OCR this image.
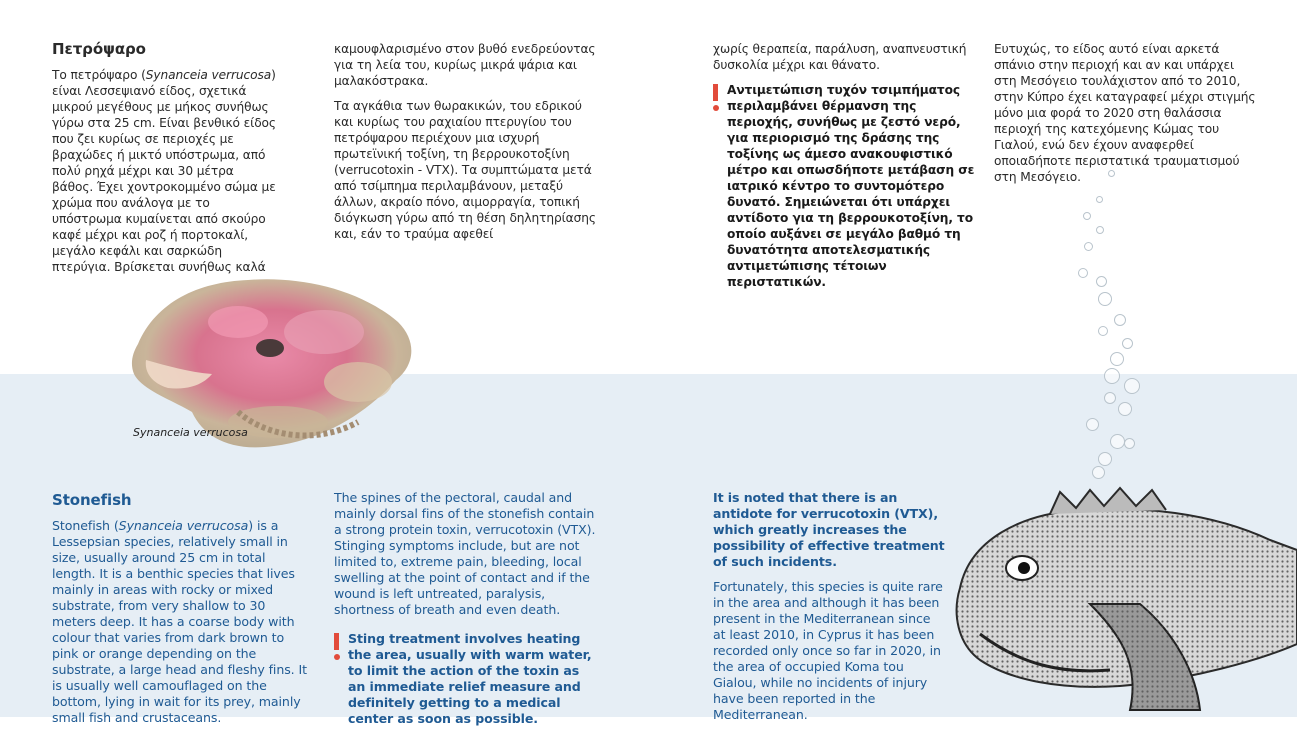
Πετρόψαρο

Το πετρόψαρο (Synanceia verrucosa) είναι Λεσσεψιανό είδος, σχετικά μικρού μεγέθους με μήκος συνήθως γύρω στα 25 cm. Είναι βενθικό είδος που ζει κυρίως σε περιοχές με βραχώδες ή μικτό υπόστρωμα, από πολύ ρηχά μέχρι και 30 μέτρα βάθος. Έχει χοντροκομμένο σώμα με χρώμα που ανάλογα με το υπόστρωμα κυμαίνεται από σκούρο καφέ μέχρι και ροζ ή πορτοκαλί, μεγάλο κεφάλι και σαρκώδη πτερύγια. Βρίσκεται συνήθως καλά

καμουφλαρισμένο στον βυθό ενεδρεύοντας για τη λεία του, κυρίως μικρά ψάρια και μαλακόστρακα.

Τα αγκάθια των θωρακικών, του εδρικού και κυρίως του ραχιαίου πτερυγίου του πετρόψαρου περιέχουν μια ισχυρή πρωτεϊνική τοξίνη, τη βερρουκοτοξίνη (verrucotoxin - VTX). Τα συμπτώματα μετά από τσίμπημα περιλαμβάνουν, μεταξύ άλλων, ακραίο πόνο, αιμορραγία, τοπική διόγκωση γύρω από τη θέση δηλητηρίασης και, εάν το τραύμα αφεθεί

χωρίς θεραπεία, παράλυση, αναπνευστική δυσκολία μέχρι και θάνατο.

Αντιμετώπιση τυχόν τσιμπήματος περιλαμβάνει θέρμανση της περιοχής, συνήθως με ζεστό νερό, για περιορισμό της δράσης της τοξίνης ως άμεσο ανακουφιστικό μέτρο και οπωσδήποτε μετάβαση σε ιατρικό κέντρο το συντομότερο δυνατό. Σημειώνεται ότι υπάρχει αντίδοτο για τη βερρουκοτοξίνη, το οποίο αυξάνει σε μεγάλο βαθμό τη δυνατότητα αποτελεσματικής αντιμετώπισης τέτοιων περιστατικών.

Ευτυχώς, το είδος αυτό είναι αρκετά σπάνιο στην περιοχή και αν και υπάρχει στη Μεσόγειο τουλάχιστον από το 2010, στην Κύπρο έχει καταγραφεί μέχρι στιγμής μόνο μια φορά το 2020 στη θαλάσσια περιοχή της κατεχόμενης Κώμας του Γιαλού, ενώ δεν έχουν αναφερθεί οποιαδήποτε περιστατικά τραυματισμού στη Μεσόγειο.

Synanceia verrucosa
Stonefish

Stonefish (Synanceia verrucosa) is a Lessepsian species, relatively small in size, usually around 25 cm in total length. It is a benthic species that lives mainly in areas with rocky or mixed substrate, from very shallow to 30 meters deep. It has a coarse body with colour that varies from dark brown to pink or orange depending on the substrate, a large head and fleshy fins. It is usually well camouflaged on the bottom, lying in wait for its prey, mainly small fish and crustaceans.

The spines of the pectoral, caudal and mainly dorsal fins of the stonefish contain a strong protein toxin, verrucotoxin (VTX). Stinging symptoms include, but are not limited to, extreme pain, bleeding, local swelling at the point of contact and if the wound is left untreated, paralysis, shortness of breath and even death.

Sting treatment involves heating the area, usually with warm water, to limit the action of the toxin as an immediate relief measure and definitely getting to a medical center as soon as possible.

It is noted that there is an antidote for verrucotoxin (VTX), which greatly increases the possibility of effective treatment of such incidents.

Fortunately, this species is quite rare in the area and although it has been present in the Mediterranean since at least 2010, in Cyprus it has been recorded only once so far in 2020, in the area of occupied Koma tou Gialou, while no incidents of injury have been reported in the Mediterranean.
